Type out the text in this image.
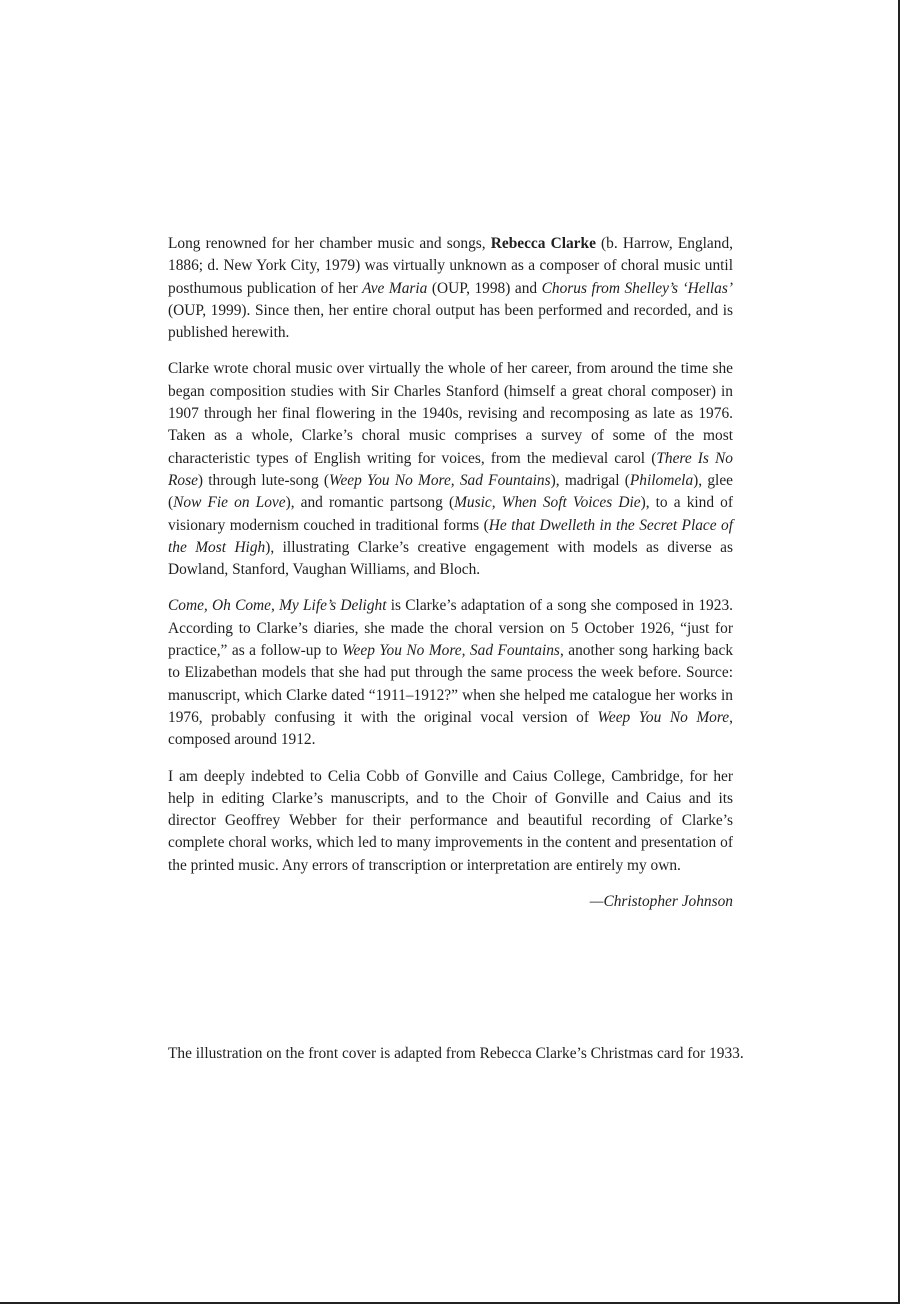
Long renowned for her chamber music and songs, Rebecca Clarke (b. Harrow, England, 1886; d. New York City, 1979) was virtually unknown as a composer of choral music until posthumous publication of her Ave Maria (OUP, 1998) and Chorus from Shelley’s ‘Hellas’ (OUP, 1999). Since then, her entire choral output has been performed and recorded, and is published herewith.

Clarke wrote choral music over virtually the whole of her career, from around the time she began composition studies with Sir Charles Stanford (himself a great choral composer) in 1907 through her final flowering in the 1940s, revising and recomposing as late as 1976. Taken as a whole, Clarke’s choral music comprises a survey of some of the most characteristic types of English writing for voices, from the medieval carol (There Is No Rose) through lute-song (Weep You No More, Sad Fountains), madrigal (Philomela), glee (Now Fie on Love), and romantic partsong (Music, When Soft Voices Die), to a kind of visionary modernism couched in traditional forms (He that Dwelleth in the Secret Place of the Most High), illustrating Clarke’s creative engagement with models as diverse as Dowland, Stanford, Vaughan Williams, and Bloch.

Come, Oh Come, My Life’s Delight is Clarke’s adaptation of a song she composed in 1923. According to Clarke’s diaries, she made the choral version on 5 October 1926, “just for practice,” as a follow-up to Weep You No More, Sad Fountains, another song harking back to Elizabethan models that she had put through the same process the week before. Source: manuscript, which Clarke dated “1911–1912?” when she helped me catalogue her works in 1976, probably confusing it with the original vocal version of Weep You No More, composed around 1912.

I am deeply indebted to Celia Cobb of Gonville and Caius College, Cambridge, for her help in editing Clarke’s manuscripts, and to the Choir of Gonville and Caius and its director Geoffrey Webber for their performance and beautiful recording of Clarke’s complete choral works, which led to many improvements in the content and presentation of the printed music. Any errors of transcription or interpretation are entirely my own.

—Christopher Johnson
The illustration on the front cover is adapted from Rebecca Clarke’s Christmas card for 1933.
